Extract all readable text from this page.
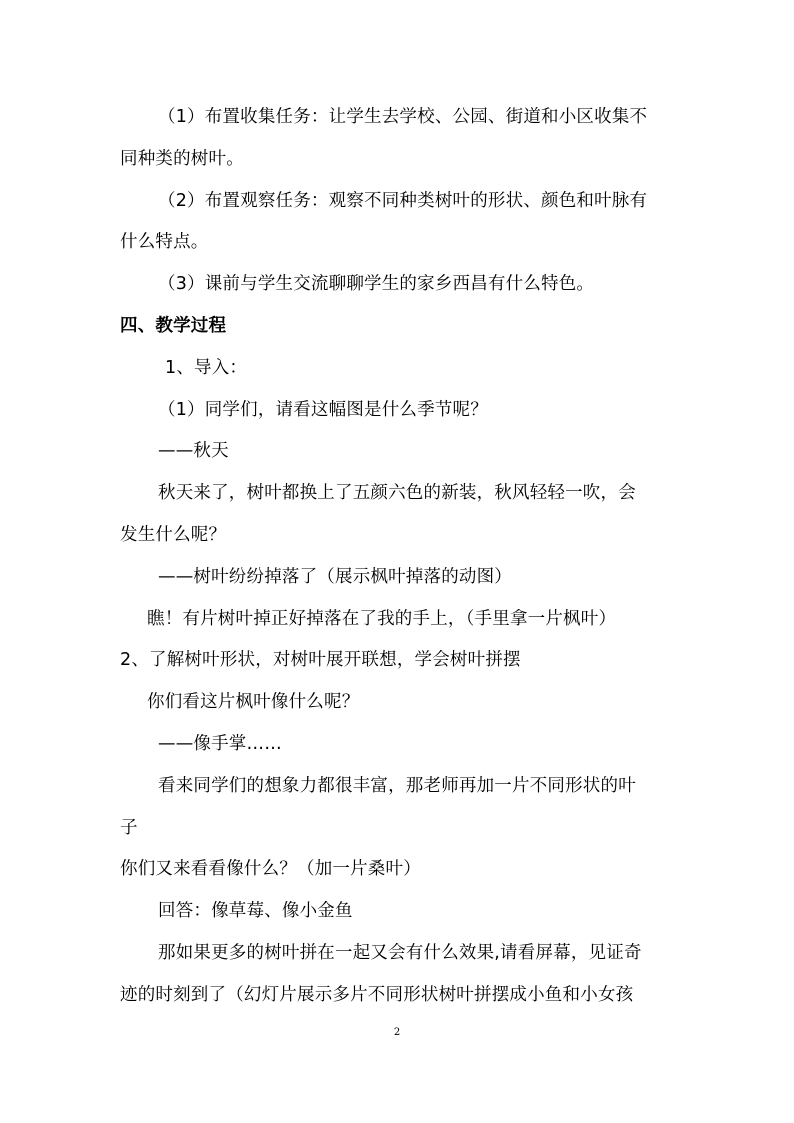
（1）布置收集任务：让学生去学校、公园、街道和小区收集不
同种类的树叶。
（2）布置观察任务：观察不同种类树叶的形状、颜色和叶脉有
什么特点。
（3）课前与学生交流聊聊学生的家乡西昌有什么特色。
四、教学过程
1、导入：
（1）同学们，请看这幅图是什么季节呢？
——秋天
秋天来了，树叶都换上了五颜六色的新装，秋风轻轻一吹，会
发生什么呢？
——树叶纷纷掉落了（展示枫叶掉落的动图）
瞧！有片树叶掉正好掉落在了我的手上，（手里拿一片枫叶）
2、了解树叶形状，对树叶展开联想，学会树叶拼摆
你们看这片枫叶像什么呢？
——像手掌……
看来同学们的想象力都很丰富，那老师再加一片不同形状的叶
子
你们又来看看像什么？（加一片桑叶）
回答：像草莓、像小金鱼
那如果更多的树叶拼在一起又会有什么效果,请看屏幕，见证奇
迹的时刻到了（幻灯片展示多片不同形状树叶拼摆成小鱼和小女孩
2
